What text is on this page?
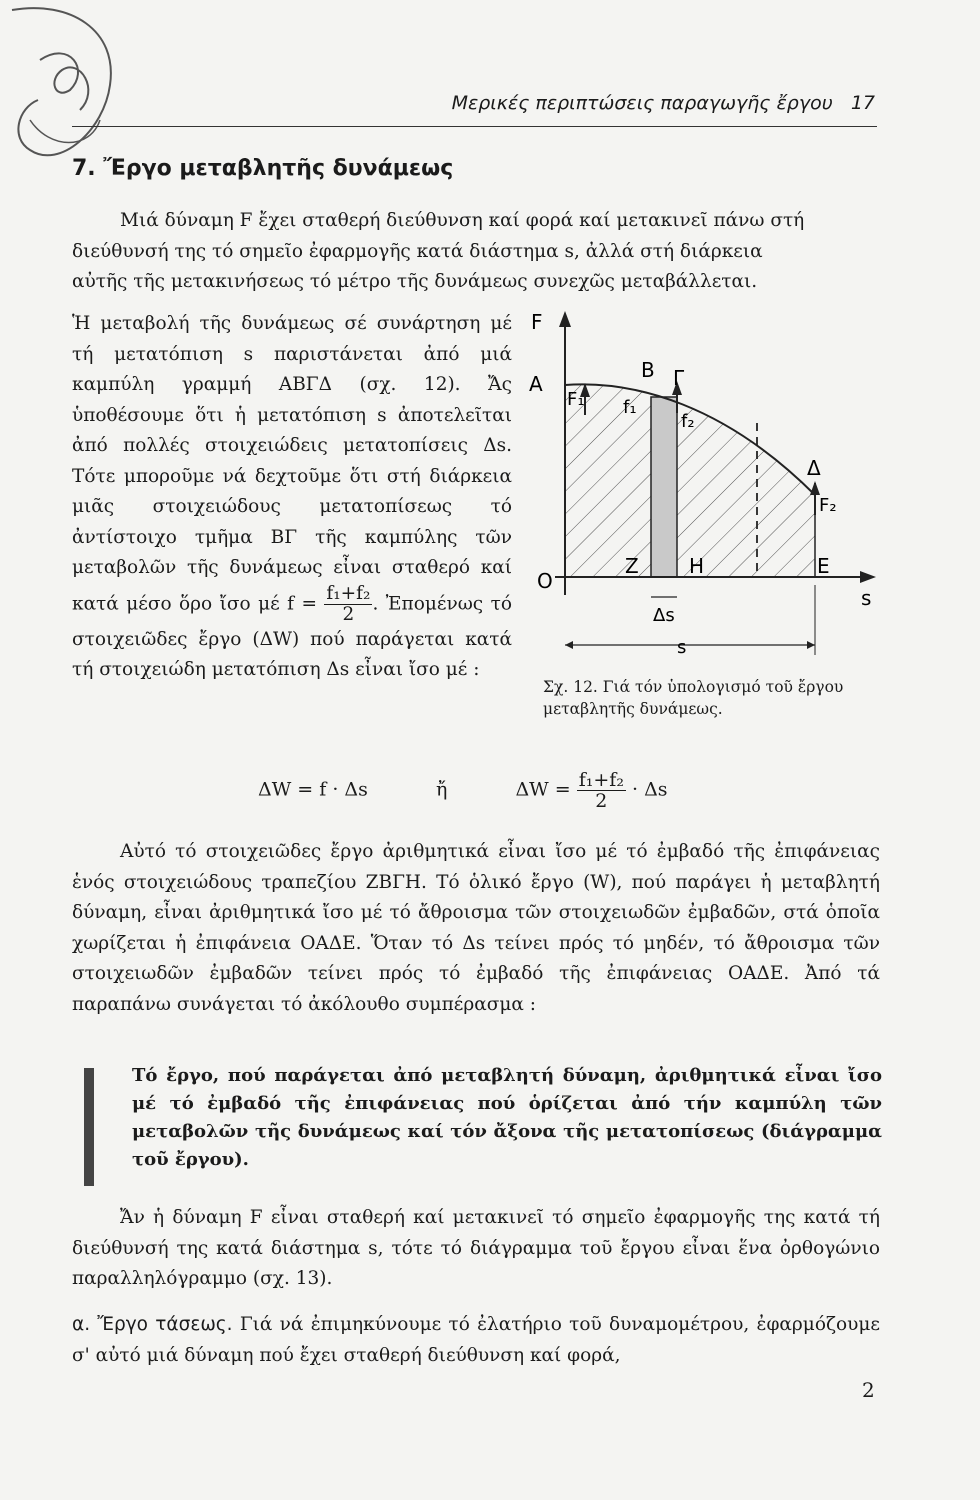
Μερικές περιπτώσεις παραγωγῆς ἔργου 17
7. Ἔργο μεταβλητῆς δυνάμεως
Μιά δύναμη F ἔχει σταθερή διεύθυνση καί φορά καί μετακινεῖ πάνω στή
διεύθυνσή της τό σημεῖο ἐφαρμογῆς κατά διάστημα s, ἀλλά στή διάρκεια
αὐτῆς τῆς μετακινήσεως τό μέτρο τῆς δυνάμεως συνεχῶς μεταβάλλεται.
Ἡ μεταβολή τῆς δυνάμεως σέ συνάρτηση μέ τή μετατόπιση s παριστάνεται ἀπό μιά καμπύλη γραμμή ΑΒΓΔ (σχ. 12). Ἄς ὑποθέσουμε ὅτι ἡ μετατόπιση s ἀποτελεῖται ἀπό πολλές στοιχειώδεις μετατοπίσεις Δs. Τότε μποροῦμε νά δεχτοῦμε ὅτι στή διάρκεια μιᾶς στοιχειώδους μετατοπίσεως τό ἀντίστοιχο τμῆμα ΒΓ τῆς καμπύλης τῶν μεταβολῶν τῆς δυνάμεως εἶναι σταθερό καί κατά μέσο ὅρο ἴσο μέ $f = \frac{\text{f₁+f₂}}{2}$ . Ἐπομένως τό στοιχειῶδες ἔργο (ΔW) πού παράγεται κατά τή στοιχειώδη μετατόπιση Δs εἶναι ἴσο μέ :
F
A
B Γ
Δ
F₁ f₁
f₂
F₂
O
Z	H	E
s
Δs
s
Σχ. 12. Γιά τόν ὑπολογισμό τοῦ ἔργου μεταβλητῆς δυνάμεως.
ΔW = f · Δs	ἤ	$\Delta W = \frac{\text{f₁+f₂}}{2} \cdot \Delta s$
Αὐτό τό στοιχειῶδες ἔργο ἀριθμητικά εἶναι ἴσο μέ τό ἐμβαδό τῆς ἐπιφάνειας ἑνός στοιχειώδους τραπεζίου ΖΒΓΗ. Τό ὁλικό ἔργο (W), πού παράγει ἡ μεταβλητή δύναμη, εἶναι ἀριθμητικά ἴσο μέ τό ἄθροισμα τῶν στοιχειωδῶν ἐμβαδῶν, στά ὁποῖα χωρίζεται ἡ ἐπιφάνεια ΟΑΔΕ. Ὅταν τό Δs τείνει πρός τό μηδέν, τό ἄθροισμα τῶν στοιχειωδῶν ἐμβαδῶν τείνει πρός τό ἐμβαδό τῆς ἐπιφάνειας ΟΑΔΕ. Ἀπό τά παραπάνω συνάγεται τό ἀκόλουθο συμπέρασμα :
Τό ἔργο, πού παράγεται ἀπό μεταβλητή δύναμη, ἀριθμητικά εἶναι ἴσο μέ τό ἐμβαδό τῆς ἐπιφάνειας πού ὁρίζεται ἀπό τήν καμπύλη τῶν μεταβολῶν τῆς δυνάμεως καί τόν ἄξονα τῆς μετατοπίσεως (διάγραμμα τοῦ ἔργου).
Ἄν ἡ δύναμη F εἶναι σταθερή καί μετακινεῖ τό σημεῖο ἐφαρμογῆς της κατά τή διεύθυνσή της κατά διάστημα s, τότε τό διάγραμμα τοῦ ἔργου εἶναι ἕνα ὀρθογώνιο παραλληλόγραμμο (σχ. 13).
α. Ἔργο τάσεως. Γιά νά ἐπιμηκύνουμε τό ἐλατήριο τοῦ δυναμομέτρου, ἐφαρμόζουμε σ' αὐτό μιά δύναμη πού ἔχει σταθερή διεύθυνση καί φορά,
2
